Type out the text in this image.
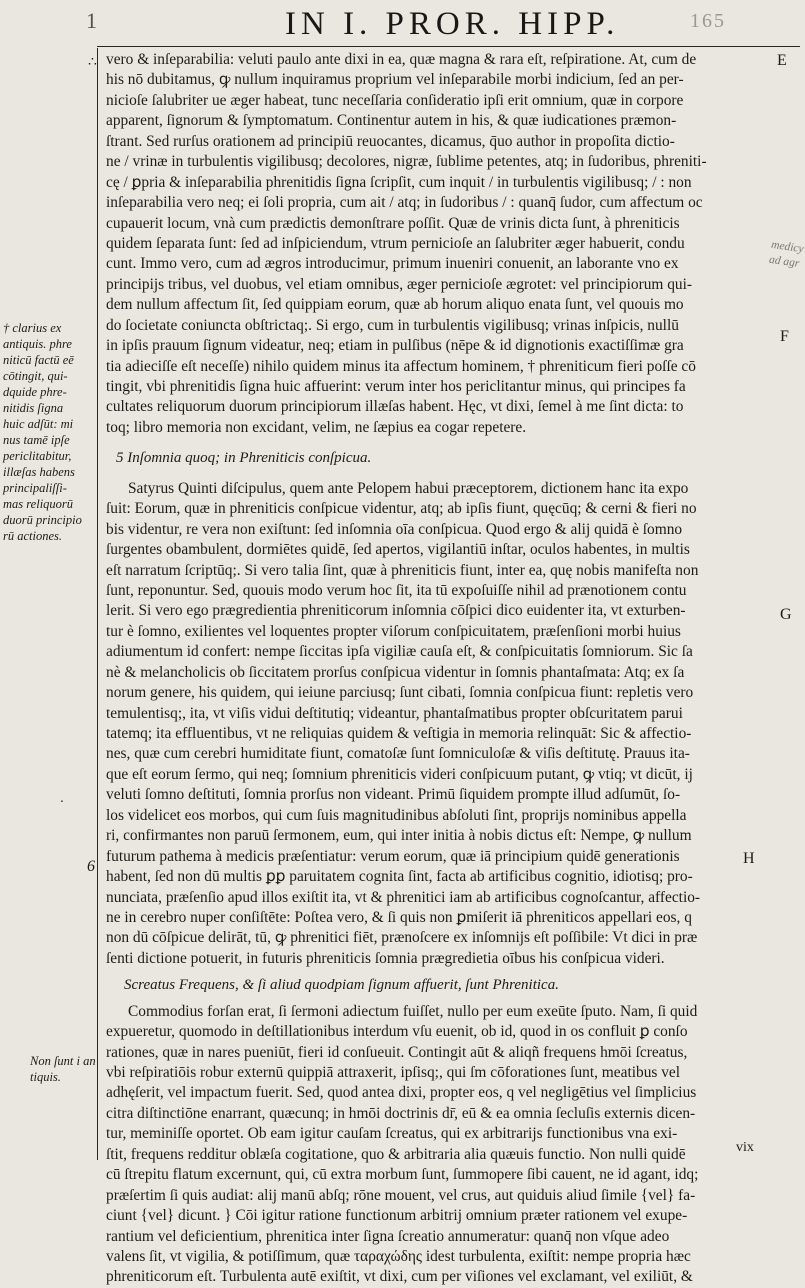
1	IN I. PROR. HIPP.	165
∴ vero & inſeparabilia: veluti paulo ante dixi in ea, quæ magna & rara eſt, reſpiratione. At, cum de
his nō dubitamus, ꝙ nullum inquiramus proprium vel inſeparabile morbi indicium, ſed an per-
nicioſe ſalubriter ue æger habeat, tunc neceſſaria conſideratio ipſi erit omnium, quæ in corpore
apparent, ſignorum & ſymptomatum. Continentur autem in his, & quæ iudicationes præmon-
ſtrant. Sed rurſus orationem ad principiū reuocantes, dicamus, q̄uo author in propoſita dictio-
ne / vrinæ in turbulentis vigilibusq; decolores, nigræ, ſublime petentes, atq; in ſudoribus, phreniti-
cę / ꝑpria & inſeparabilia phrenitidis ſigna ſcripſit, cum inquit / in turbulentis vigilibusq; / : non
inſeparabilia vero neq; ei ſoli propria, cum ait / atq; in ſudoribus / : quanq̄ ſudor, cum affectum oc
cupauerit locum, vnà cum prædictis demonſtrare poſſit. Quæ de vrinis dicta ſunt, à phreniticis
quidem ſeparata ſunt: ſed ad inſpiciendum, vtrum pernicioſe an ſalubriter æger habuerit, condu
cunt. Immo vero, cum ad ægros introducimur, primum inueniri conuenit, an laborante vno ex
principijs tribus, vel duobus, vel etiam omnibus, æger pernicioſe ægrotet: vel principiorum qui-
dem nullum affectum ſit, ſed quippiam eorum, quæ ab horum aliquo enata ſunt, vel quouis mo
do ſocietate coniuncta obſtrictaq;. Si ergo, cum in turbulentis vigilibusq; vrinas inſpicis, nullū
in ipſis prauum ſignum videatur, neq; etiam in pulſibus (nēpe & id dignotionis exactiſſimæ gra
tia adieciſſe eſt neceſſe) nihilo quidem minus ita affectum hominem, † phreniticum fieri poſſe cō
tingit, vbi phrenitidis ſigna huic affuerint: verum inter hos periclitantur minus, qui principes fa
cultates reliquorum duorum principiorum illæſas habent. Hęc, vt dixi, ſemel à me ſint dicta: to
toq; libro memoria non excidant, velim, ne ſæpius ea cogar repetere.
5 Inſomnia quoq; in Phreniticis conſpicua.
Satyrus Quinti diſcipulus, quem ante Pelopem habui præceptorem, dictionem hanc ita expo
ſuit: Eorum, quæ in phreniticis conſpicue videntur, atq; ab ipſis fiunt, quęcūq; & cerni & fieri no
bis videntur, re vera non exiſtunt: ſed inſomnia oīa conſpicua. Quod ergo & alij quidā è ſomno
ſurgentes obambulent, dormiētes quidē, ſed apertos, vigilantiū inſtar, oculos habentes, in multis
eſt narratum ſcriptūq;. Si vero talia ſint, quæ à phreniticis fiunt, inter ea, quę nobis manifeſta non
ſunt, reponuntur. Sed, quouis modo verum hoc ſit, ita tū expoſuiſſe nihil ad prænotionem contu
lerit. Si vero ego prægredientia phreniticorum inſomnia cōſpici dico euidenter ita, vt exturben-
tur è ſomno, exilientes vel loquentes propter viſorum conſpicuitatem, præſenſioni morbi huius
adiumentum id confert: nempe ſiccitas ipſa vigiliæ cauſa eſt, & conſpicuitatis ſomniorum. Sic ſa
nè & melancholicis ob ſiccitatem prorſus conſpicua videntur in ſomnis phantaſmata: Atq; ex ſa
norum genere, his quidem, qui ieiune parciusq; ſunt cibati, ſomnia conſpicua fiunt: repletis vero
temulentisq;, ita, vt viſis vidui deſtitutiq; videantur, phantaſmatibus propter obſcuritatem parui
tatemq; ita effluentibus, vt ne reliquias quidem & veſtigia in memoria relinquāt: Sic & affectio-
nes, quæ cum cerebri humiditate fiunt, comatoſæ ſunt ſomniculoſæ & viſis deſtitutę. Prauus ita-
que eſt eorum ſermo, qui neq; ſomnium phreniticis videri conſpicuum putant, ꝙ vtiq; vt dicūt, ij
veluti ſomno deſtituti, ſomnia prorſus non videant. Primū ſiquidem prompte illud adſumūt, ſo-
los videlicet eos morbos, qui cum ſuis magnitudinibus abſoluti ſint, proprijs nominibus appella
ri, confirmantes non paruū ſermonem, eum, qui inter initia à nobis dictus eſt: Nempe, ꝙ nullum
futurum pathema à medicis præſentiatur: verum eorum, quæ iā principium quidē generationis
habent, ſed non dū multis ꝑꝑ paruitatem cognita ſint, facta ab artificibus cognitio, idiotisq; pro-
nunciata, præſenſio apud illos exiſtit ita, vt & phrenitici iam ab artificibus cognoſcantur, affectio-
ne in cerebro nuper conſiſtēte: Poſtea vero, & ſi quis non ꝑmiſerit iā phreniticos appellari eos, q
non dū cōſpicue delirāt, tū, ꝙ phrenitici fiēt, prænoſcere ex inſomnijs eſt poſſibile: Vt dici in præ
ſenti dictione potuerit, in futuris phreniticis ſomnia prægredietia oībus his conſpicua videri.
Screatus Frequens, & ſi aliud quodpiam ſignum affuerit, ſunt Phrenitica.
Commodius forſan erat, ſi ſermoni adiectum fuiſſet, nullo per eum exeūte ſputo. Nam, ſi quid
expueretur, quomodo in deſtillationibus interdum vſu euenit, ob id, quod in os confluit ꝑ conſo
rationes, quæ in nares pueniūt, fieri id conſueuit. Contingit aūt & aliqñ frequens hmōi ſcreatus,
vbi reſpiratiōis robur externū quippiā attraxerit, ipſisq;, qui ſm cōforationes ſunt, meatibus vel
adhęſerit, vel impactum fuerit. Sed, quod antea dixi, propter eos, q vel negligētius vel ſimplicius
citra diſtinctiōne enarrant, quæcunq; in hmōi doctrinis dr̄, eū & ea omnia ſecluſis externis dicen-
tur, meminiſſe oportet. Ob eam igitur cauſam ſcreatus, qui ex arbitrarijs functionibus vna exi-
ſtit, frequens redditur oblæſa cogitatione, quo & arbitraria alia quæuis functio. Non nulli quidē
cū ſtrepitu flatum excernunt, qui, cū extra morbum ſunt, ſummopere ſibi cauent, ne id agant, idq;
præſertim ſi quis audiat: alij manū abſq; rōne mouent, vel crus, aut quiduis aliud ſimile {vel} fa-
ciunt {vel} dicunt. } Cōi igitur ratione functionum arbitrij omnium præter rationem vel exupe-
rantium vel deficientium, phrenitica inter ſigna ſcreatio annumeratur: quanq̄ non vſque adeo
valens ſit, vt vigilia, & potiſſimum, quæ ταραχώδης idest turbulenta, exiſtit: nempe propria hæc
phreniticorum eſt. Turbulenta autē exiſtit, vt dixi, cum per viſiones vel exclamant, vel exiliūt, &
vix
† clarius ex
antiquis. phre
niticū factū eē
cōtingit, qui-
dquide phre-
nitidis ſigna
huic adſūt: mi
nus tamē ipſe
periclitabitur,
illæſas habens
principaliſſi-
mas reliquorū
duorū principio
rū actiones.
Non ſunt i an
tiquis.
·
6
E
F
G
H
medicy
ad agr
